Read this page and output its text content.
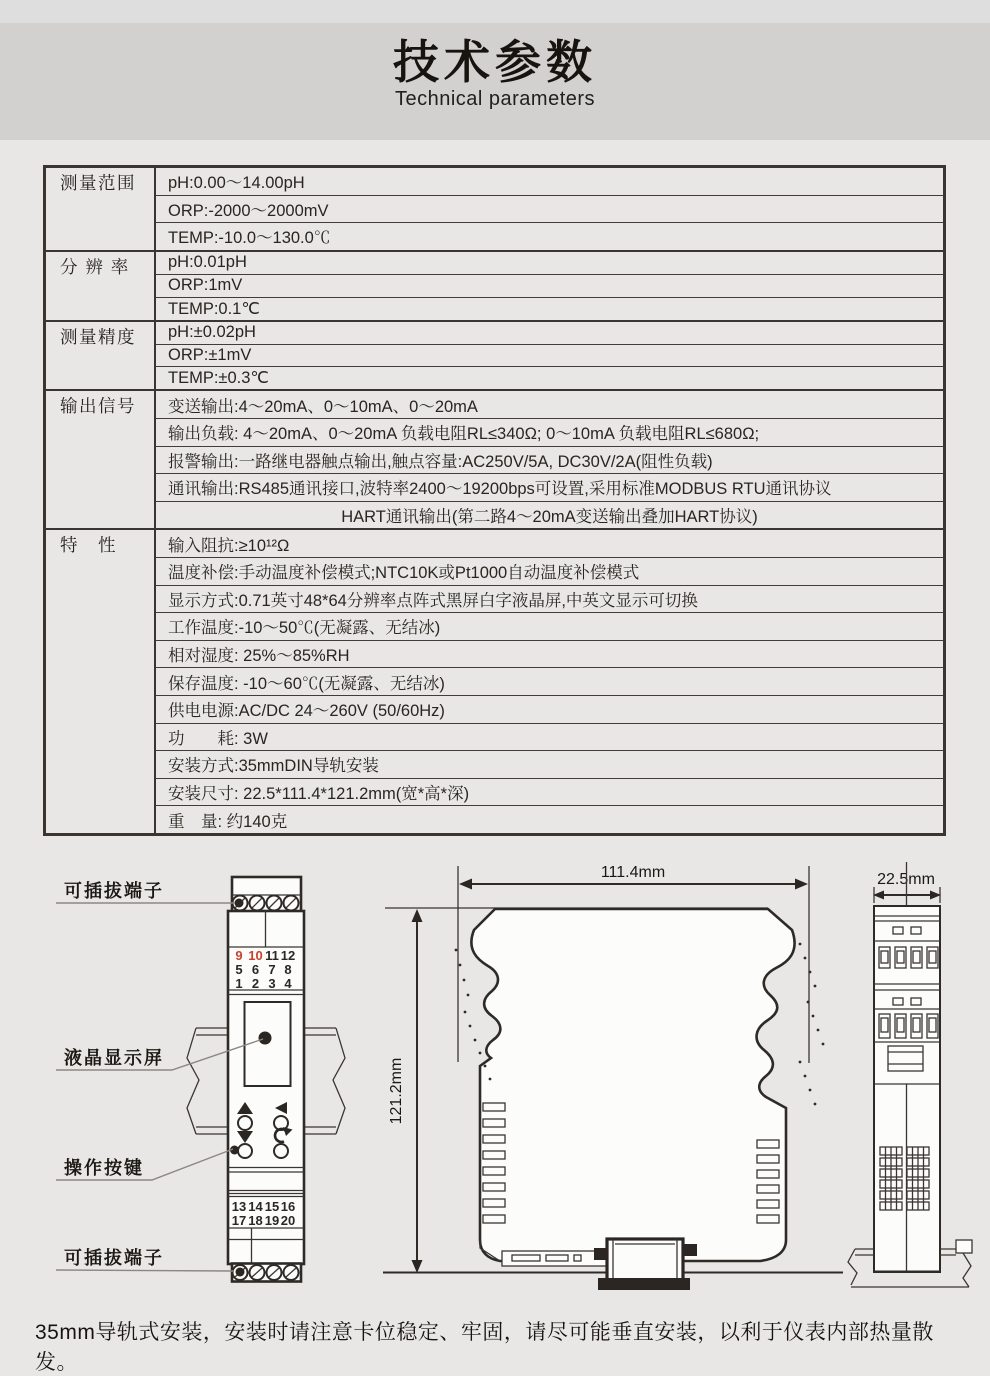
技术参数

Technical parameters

测量范围	pH:0.00～14.00pH
ORP:-2000～2000mV
TEMP:-10.0～130.0℃
分 辨 率	pH:0.01pH
ORP:1mV
TEMP:0.1℃
测量精度	pH:±0.02pH
ORP:±1mV
TEMP:±0.3℃
输出信号	变送输出:4～20mA、0～10mA、0～20mA
输出负载: 4～20mA、0～20mA 负载电阻RL≤340Ω; 0～10mA 负载电阻RL≤680Ω;
报警输出:一路继电器触点输出,触点容量:AC250V/5A, DC30V/2A(阻性负载)
通讯输出:RS485通讯接口,波特率2400～19200bps可设置,采用标准MODBUS RTU通讯协议
HART通讯输出(第二路4～20mA变送输出叠加HART协议)
特　性	输入阻抗:≥10¹²Ω
温度补偿:手动温度补偿模式;NTC10K或Pt1000自动温度补偿模式
显示方式:0.71英寸48*64分辨率点阵式黑屏白字液晶屏,中英文显示可切换
工作温度:-10～50℃(无凝露、无结冰)
相对湿度: 25%～85%RH
保存温度: -10～60℃(无凝露、无结冰)
供电电源:AC/DC 24～260V (50/60Hz)
功　　耗: 3W
安装方式:35mmDIN导轨安装
安装尺寸: 22.5*111.4*121.2mm(宽*高*深)
重　量: 约140克
9 10 11 12
5 6 7 8
1 2 3 4
13 14 15 16
17 18 19 20
可插拔端子
液晶显示屏
操作按键
可插拔端子
111.4mm
121.2mm
22.5mm
35mm导轨式安装，安装时请注意卡位稳定、牢固，请尽可能垂直安装，以利于仪表内部热量散发。
